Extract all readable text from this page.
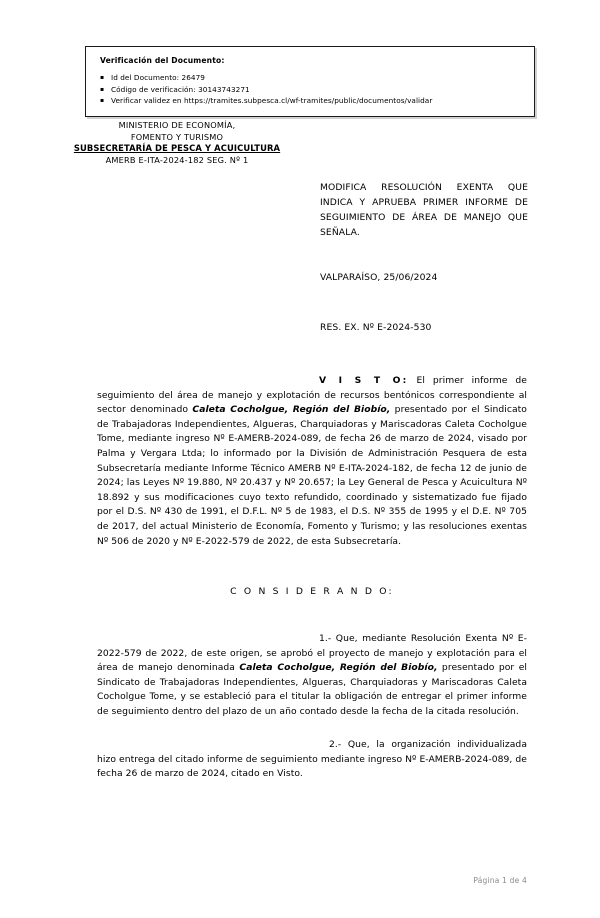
Verificación del Documento:
▪ Id del Documento: 26479
▪ Código de verificación: 30143743271
▪ Verificar validez en https://tramites.subpesca.cl/wf-tramites/public/documentos/validar
MINISTERIO DE ECONOMÍA,
FOMENTO Y TURISMO
SUBSECRETARÍA DE PESCA Y ACUICULTURA
AMERB E-ITA-2024-182 SEG. Nº 1
MODIFICA RESOLUCIÓN EXENTA QUE INDICA Y APRUEBA PRIMER INFORME DE SEGUIMIENTO DE ÁREA DE MANEJO QUE SEÑALA.
VALPARAÍSO, 25/06/2024
RES. EX. Nº E-2024-530

V I S T O: El primer informe de seguimiento del área de manejo y explotación de recursos bentónicos correspondiente al sector denominado Caleta Cocholgue, Región del Biobío, presentado por el Sindicato de Trabajadoras Independientes, Algueras, Charquiadoras y Mariscadoras Caleta Cocholgue Tome, mediante ingreso Nº E-AMERB-2024-089, de fecha 26 de marzo de 2024, visado por Palma y Vergara Ltda; lo informado por la División de Administración Pesquera de esta Subsecretaría mediante Informe Técnico AMERB Nº E-ITA-2024-182, de fecha 12 de junio de 2024; las Leyes Nº 19.880, Nº 20.437 y Nº 20.657; la Ley General de Pesca y Acuicultura Nº 18.892 y sus modificaciones cuyo texto refundido, coordinado y sistematizado fue fijado por el D.S. Nº 430 de 1991, el D.F.L. Nº 5 de 1983, el D.S. Nº 355 de 1995 y el D.E. Nº 705 de 2017, del actual Ministerio de Economía, Fomento y Turismo; y las resoluciones exentas Nº 506 de 2020 y Nº E-2022-579 de 2022, de esta Subsecretaría.

C O N S I D E R A N D O:

1.- Que, mediante Resolución Exenta Nº E-2022-579 de 2022, de este origen, se aprobó el proyecto de manejo y explotación para el área de manejo denominada Caleta Cocholgue, Región del Biobío, presentado por el Sindicato de Trabajadoras Independientes, Algueras, Charquiadoras y Mariscadoras Caleta Cocholgue Tome, y se estableció para el titular la obligación de entregar el primer informe de seguimiento dentro del plazo de un año contado desde la fecha de la citada resolución.

2.- Que, la organización individualizada hizo entrega del citado informe de seguimiento mediante ingreso Nº E-AMERB-2024-089, de fecha 26 de marzo de 2024, citado en Visto.

Página 1 de 4
